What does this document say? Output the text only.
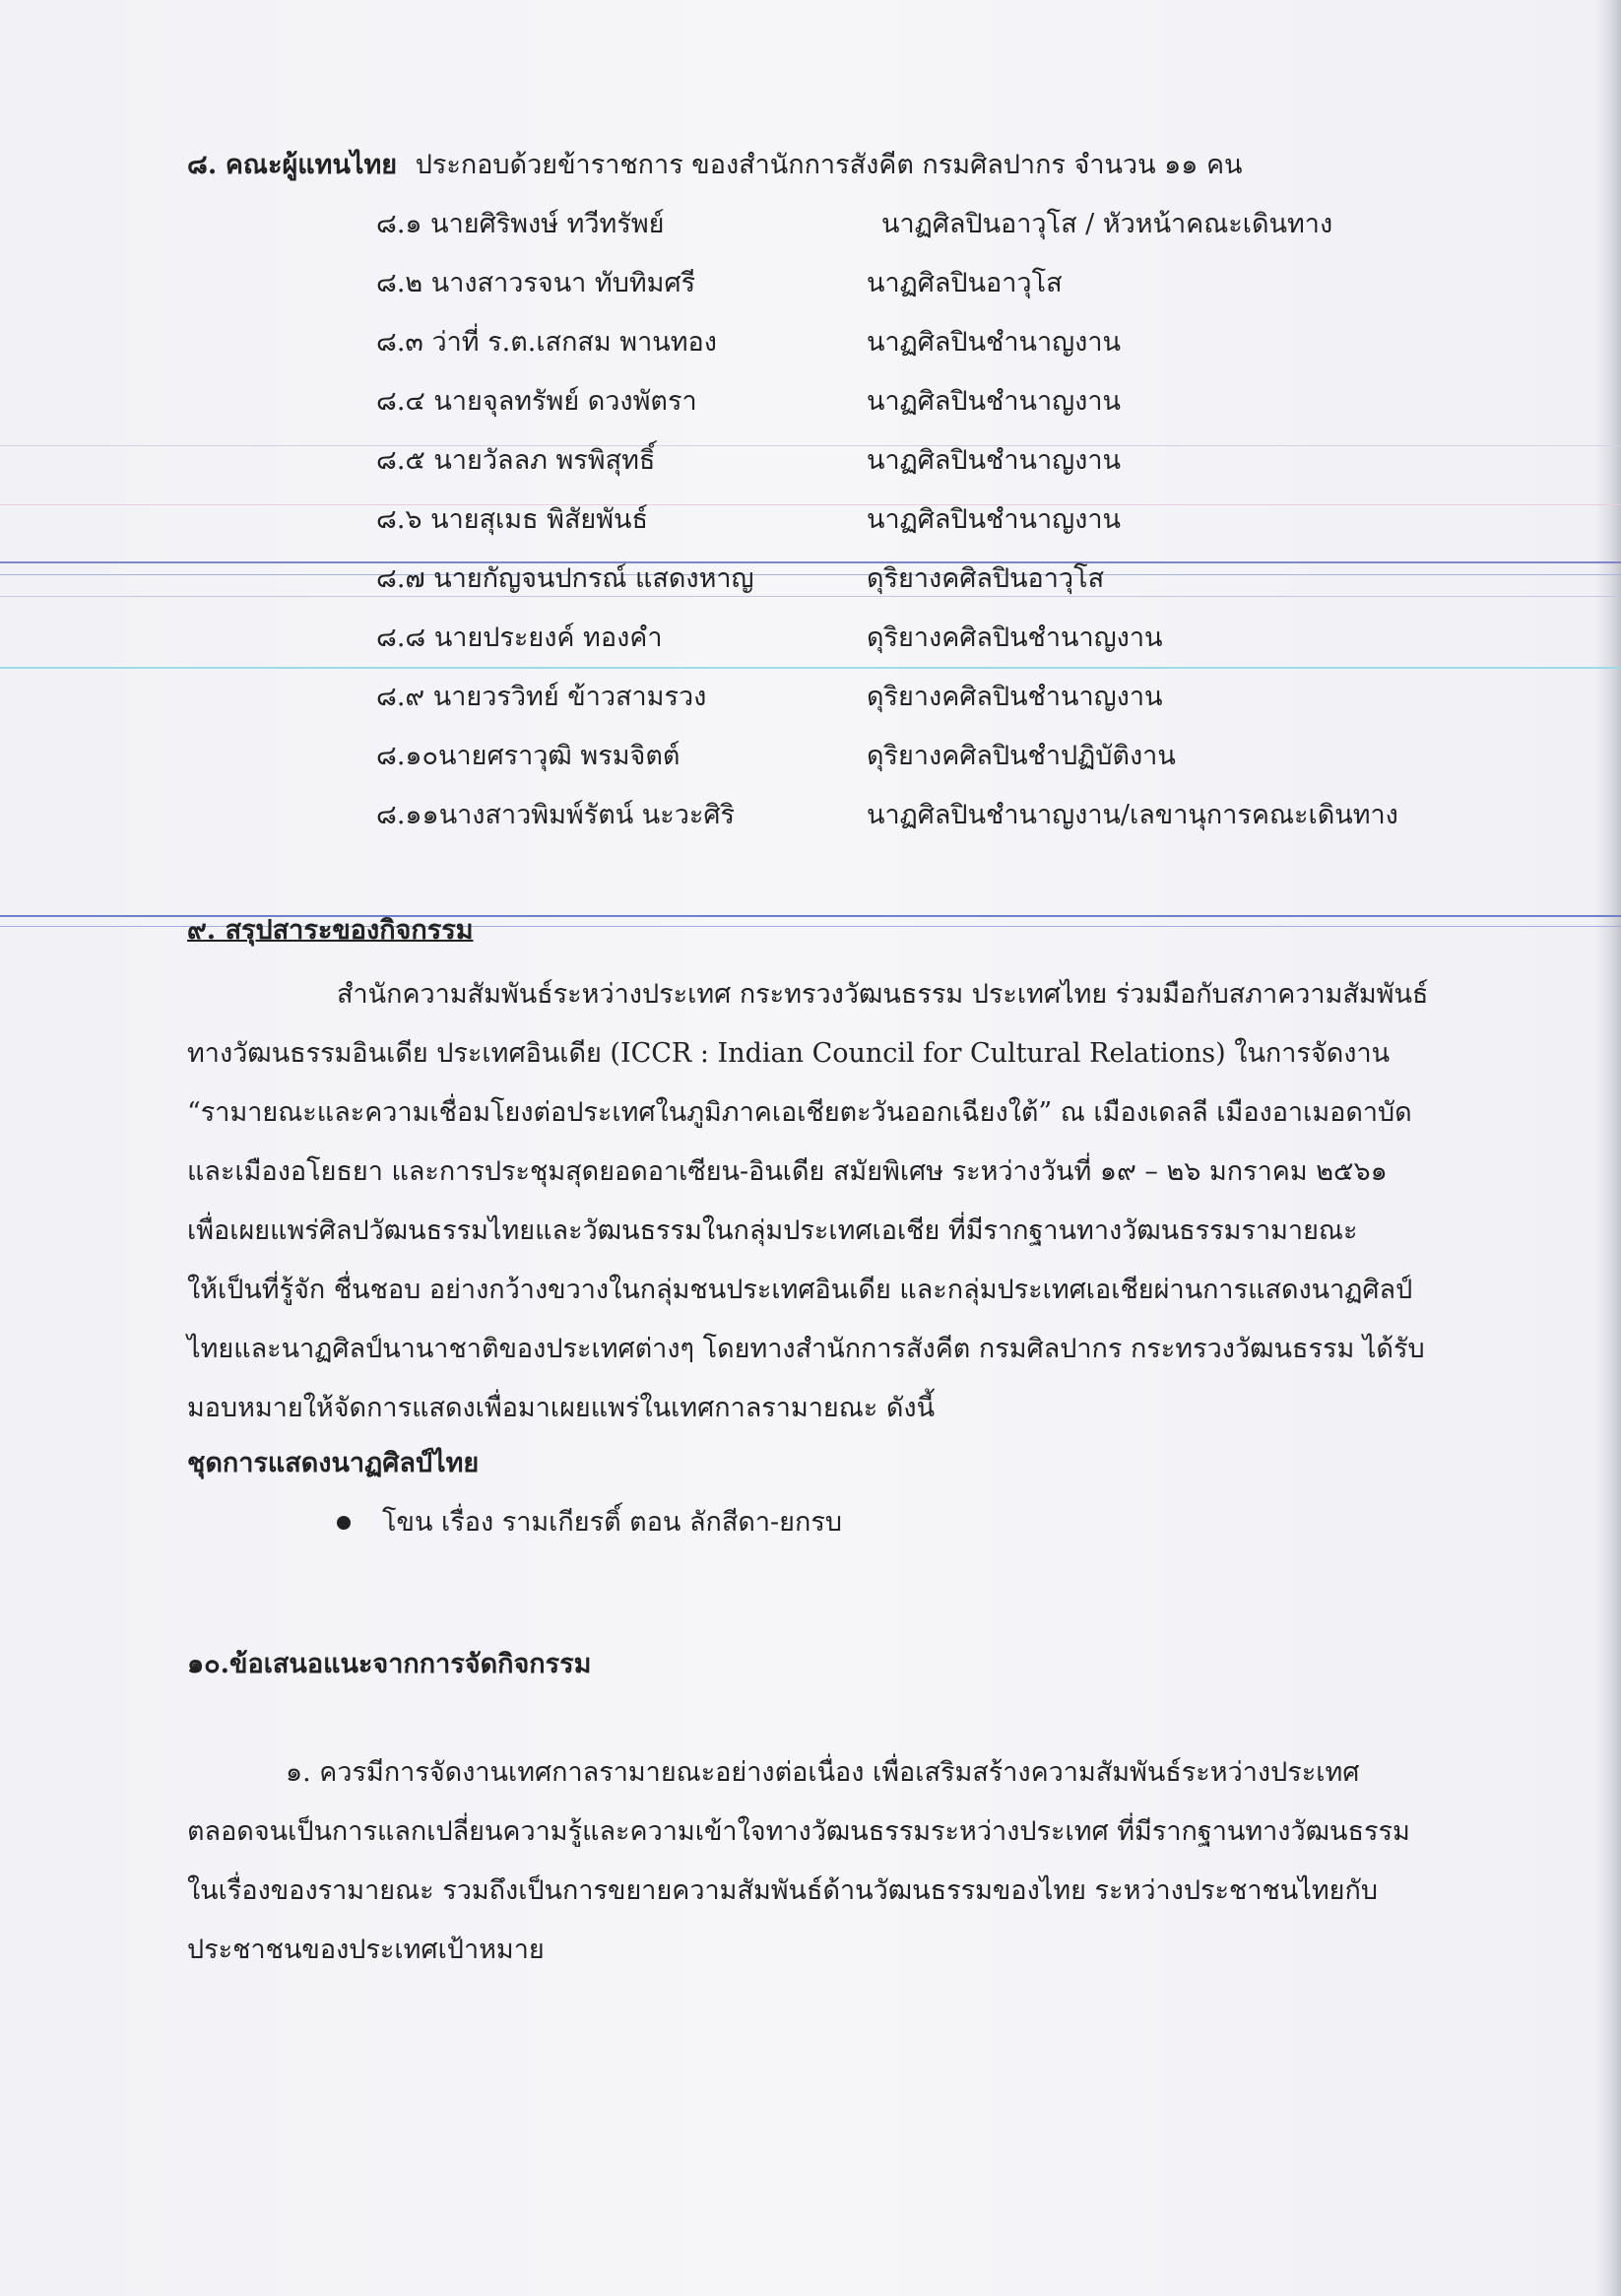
๘. คณะผู้แทนไทย ประกอบด้วยข้าราชการ ของสำนักการสังคีต กรมศิลปากร จำนวน ๑๑ คน
๘.๑ นายศิริพงษ์ ทวีทรัพย์	นาฏศิลปินอาวุโส / หัวหน้าคณะเดินทาง
๘.๒ นางสาวรจนา ทับทิมศรี	นาฏศิลปินอาวุโส
๘.๓ ว่าที่ ร.ต.เสกสม พานทอง	นาฏศิลปินชำนาญงาน
๘.๔ นายจุลทรัพย์ ดวงพัตรา	นาฏศิลปินชำนาญงาน
๘.๕ นายวัลลภ พรพิสุทธิ์	นาฏศิลปินชำนาญงาน
๘.๖ นายสุเมธ พิสัยพันธ์	นาฏศิลปินชำนาญงาน
๘.๗ นายกัญจนปกรณ์ แสดงหาญ	ดุริยางคศิลปินอาวุโส
๘.๘ นายประยงค์ ทองคำ	ดุริยางคศิลปินชำนาญงาน
๘.๙ นายวรวิทย์ ข้าวสามรวง	ดุริยางคศิลปินชำนาญงาน
๘.๑๐นายศราวุฒิ พรมจิตต์	ดุริยางคศิลปินชำปฏิบัติงาน
๘.๑๑นางสาวพิมพ์รัตน์ นะวะศิริ	นาฏศิลปินชำนาญงาน/เลขานุการคณะเดินทาง
๙. สรุปสาระของกิจกรรม
สำนักความสัมพันธ์ระหว่างประเทศ กระทรวงวัฒนธรรม ประเทศไทย ร่วมมือกับสภาความสัมพันธ์
ทางวัฒนธรรมอินเดีย ประเทศอินเดีย (ICCR : Indian Council for Cultural Relations) ในการจัดงาน
“รามายณะและความเชื่อมโยงต่อประเทศในภูมิภาคเอเชียตะวันออกเฉียงใต้” ณ เมืองเดลลี เมืองอาเมอดาบัด
และเมืองอโยธยา และการประชุมสุดยอดอาเซียน-อินเดีย สมัยพิเศษ ระหว่างวันที่ ๑๙ – ๒๖ มกราคม ๒๕๖๑
เพื่อเผยแพร่ศิลปวัฒนธรรมไทยและวัฒนธรรมในกลุ่มประเทศเอเชีย ที่มีรากฐานทางวัฒนธรรมรามายณะ
ให้เป็นที่รู้จัก ชื่นชอบ อย่างกว้างขวางในกลุ่มชนประเทศอินเดีย และกลุ่มประเทศเอเชียผ่านการแสดงนาฏศิลป์
ไทยและนาฏศิลป์นานาชาติของประเทศต่างๆ โดยทางสำนักการสังคีต กรมศิลปากร กระทรวงวัฒนธรรม ได้รับ
มอบหมายให้จัดการแสดงเพื่อมาเผยแพร่ในเทศกาลรามายณะ ดังนี้
ชุดการแสดงนาฏศิลป์ไทย
โขน เรื่อง รามเกียรติ์ ตอน ลักสีดา-ยกรบ
๑๐.ข้อเสนอแนะจากการจัดกิจกรรม
๑. ควรมีการจัดงานเทศกาลรามายณะอย่างต่อเนื่อง เพื่อเสริมสร้างความสัมพันธ์ระหว่างประเทศ
ตลอดจนเป็นการแลกเปลี่ยนความรู้และความเข้าใจทางวัฒนธรรมระหว่างประเทศ ที่มีรากฐานทางวัฒนธรรม
ในเรื่องของรามายณะ รวมถึงเป็นการขยายความสัมพันธ์ด้านวัฒนธรรมของไทย ระหว่างประชาชนไทยกับ
ประชาชนของประเทศเป้าหมาย
